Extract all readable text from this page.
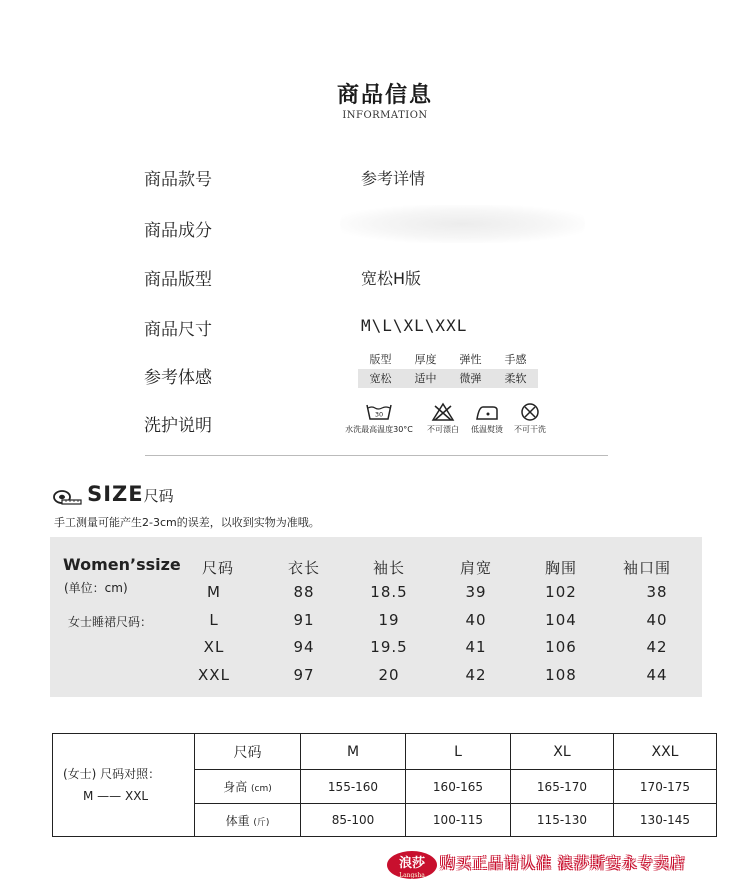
商品信息
INFORMATION
商品款号	参考详情
商品成分
商品版型	宽松H版
商品尺寸	M\L\XL\XXL
参考体感
版型	厚度	弹性	手感
宽松	适中	微弹	柔软
洗护说明
30
水洗最高温度30°C	不可漂白	低温熨烫	不可干洗
SIZE尺码
手工测量可能产生2-3cm的误差，以收到实物为准哦。
Women’ssize
(单位：cm)
女士睡裙尺码：
尺码	衣长	袖长	肩宽	胸围	袖口围
M	88	18.5	39	102	38
L	91	19	40	104	40
XL	94	19.5	41	106	42
XXL	97	20	42	108	44
(女士) 尺码对照：
M —— XXL	尺码	M	L	XL	XXL
	身高 (cm)	155-160	160-165	165-170	170-175
	体重 (斤)	85-100	100-115	115-130	130-145
浪莎
Langsha
购买正品请认准 浪莎斯宴永专卖店
